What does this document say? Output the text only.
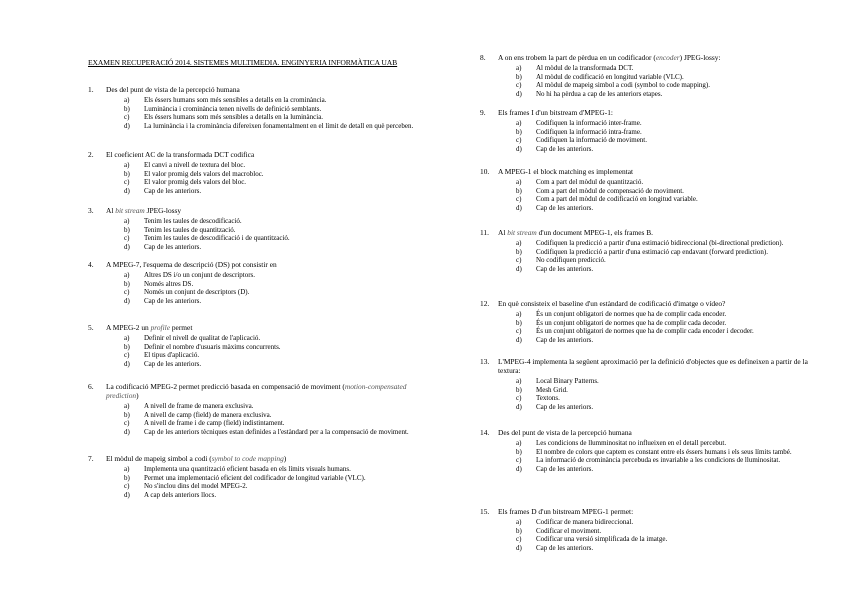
EXAMEN RECUPERACIÓ 2014. SISTEMES MULTIMEDIA. ENGINYERIA INFORMÀTICA UAB
1. Des del punt de vista de la percepció humana
a) Els éssers humans som més sensibles a detalls en la crominància.
b) Luminància i crominància tenen nivells de definició semblants.
c) Els éssers humans som més sensibles a detalls en la luminància.
d) La luminància i la crominància difereixen fonamentalment en el límit de detall en què perceben.
2. El coeficient AC de la transformada DCT codifica
a) El canvi a nivell de textura del bloc.
b) El valor promig dels valors del macrobloc.
c) El valor promig dels valors del bloc.
d) Cap de les anteriors.
3. Al bit stream JPEG-lossy
a) Tenim les taules de descodificació.
b) Tenim les taules de quantització.
c) Tenim les taules de descodificació i de quantització.
d) Cap de les anteriors.
4. A MPEG-7, l'esquema de descripció (DS) pot consistir en
a) Altres DS i/o un conjunt de descriptors.
b) Només altres DS.
c) Només un conjunt de descriptors (D).
d) Cap de les anteriors.
5. A MPEG-2 un profile permet
a) Definir el nivell de qualitat de l'aplicació.
b) Definir el nombre d'usuaris màxims concurrents.
c) El tipus d'aplicació.
d) Cap de les anteriors.
6. La codificació MPEG-2 permet predicció basada en compensació de moviment (motion-compensated prediction)
a) A nivell de frame de manera exclusiva.
b) A nivell de camp (field) de manera exclusiva.
c) A nivell de frame i de camp (field) indistintament.
d) Cap de les anteriors tècniques estan definides a l'estàndard per a la compensació de moviment.
7. El mòdul de mapeig simbol a codi (symbol to code mapping)
a) Implementa una quantització eficient basada en els límits visuals humans.
b) Permet una implementació eficient del codificador de longitud variable (VLC).
c) No s'inclou dins del model MPEG-2.
d) A cap dels anteriors llocs.
8. A on ens trobem la part de pèrdua en un codificador (encoder) JPEG-lossy:
a) Al mòdul de la transformada DCT.
b) Al mòdul de codificació en longitud variable (VLC).
c) Al mòdul de mapeig simbol a codi (symbol to code mapping).
d) No hi ha pèrdua a cap de les anteriors etapes.
9. Els frames I d'un bitstream d'MPEG-1:
a) Codifiquen la informació inter-frame.
b) Codifiquen la informació intra-frame.
c) Codifiquen la informació de moviment.
d) Cap de les anteriors.
10. A MPEG-1 el block matching es implementat
a) Com a part del mòdul de quantització.
b) Com a part del mòdul de compensació de moviment.
c) Com a part del mòdul de codificació en longitud variable.
d) Cap de les anteriors.
11. Al bit stream d'un document MPEG-1, els frames B.
a) Codifiquen la predicció a partir d'una estimació bidireccional (bi-directional prediction).
b) Codifiquen la predicció a partir d'una estimació cap endavant (forward prediction).
c) No codifiquen predicció.
d) Cap de les anteriors.
12. En què consisteix el baseline d'un estàndard de codificació d'imatge o vídeo?
a) És un conjunt obligatori de normes que ha de complir cada encoder.
b) És un conjunt obligatori de normes que ha de complir cada decoder.
c) És un conjunt obligatori de normes que ha de complir cada encoder i decoder.
d) Cap de les anteriors.
13. L'MPEG-4 implementa la següent aproximació per la definició d'objectes que es defineixen a partir de la textura:
a) Local Binary Patterns.
b) Mesh Grid.
c) Textons.
d) Cap de les anteriors.
14. Des del punt de vista de la percepció humana
a) Les condicions de llumminositat no influeixen en el detall percebut.
b) El nombre de colors que captem es constant entre els éssers humans i els seus límits també.
c) La informació de crominància percebuda es invariable a les condicions de lluminositat.
d) Cap de les anteriors.
15. Els frames D d'un bitstream MPEG-1 permet:
a) Codificar de manera bidireccional.
b) Codificar el moviment.
c) Codificar una versió simplificada de la imatge.
d) Cap de les anteriors.
